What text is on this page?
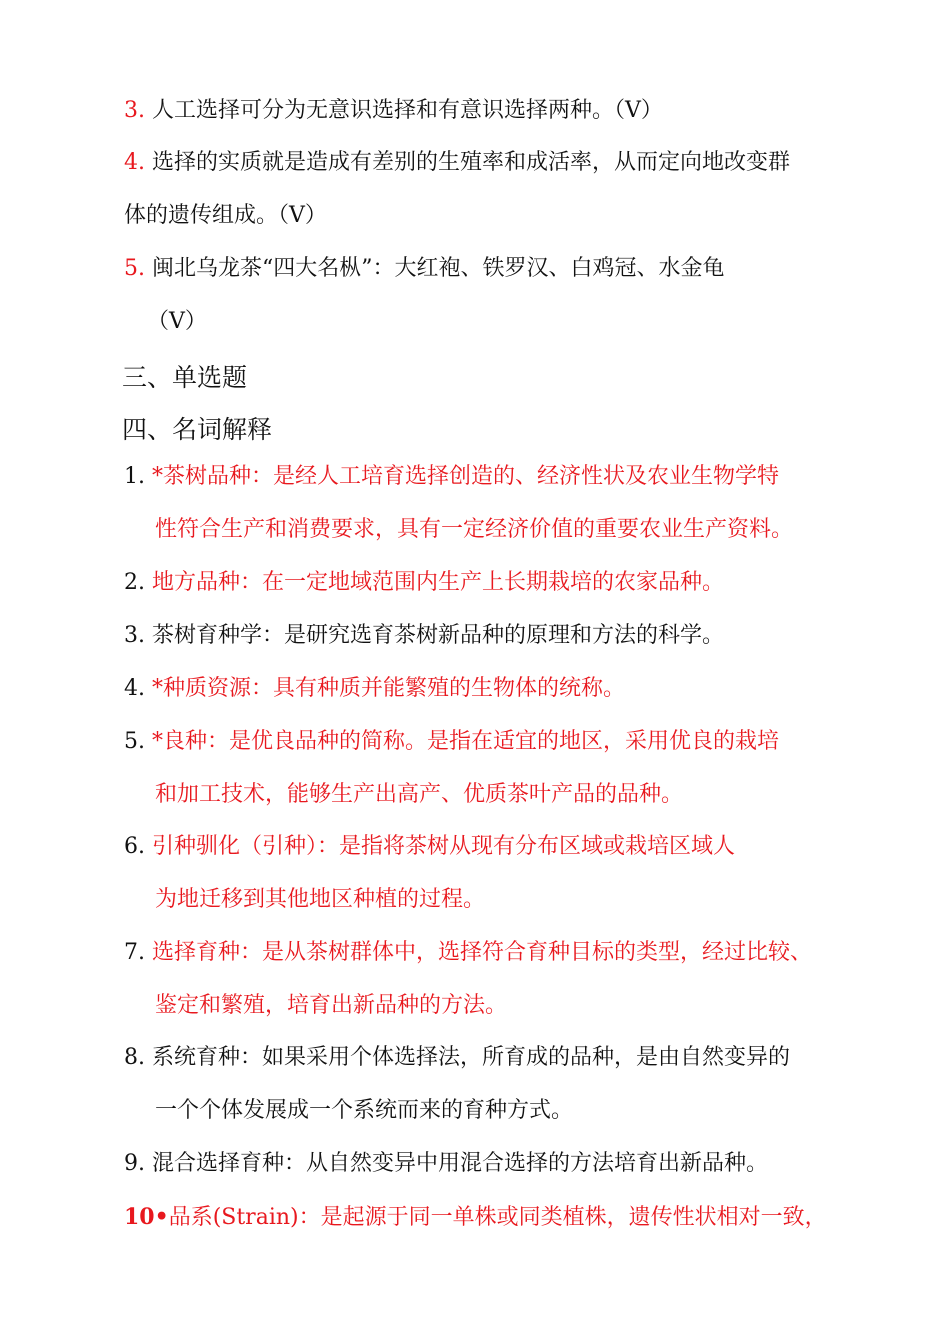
3. 人工选择可分为无意识选择和有意识选择两种。（V）
4. 选择的实质就是造成有差别的生殖率和成活率，从而定向地改变群
体的遗传组成。（V）
5. 闽北乌龙茶“四大名枞”：大红袍、铁罗汉、白鸡冠、水金龟
（V）
三、单选题
四、名词解释
1. *茶树品种：是经人工培育选择创造的、经济性状及农业生物学特
性符合生产和消费要求，具有一定经济价值的重要农业生产资料。
2. 地方品种：在一定地域范围内生产上长期栽培的农家品种。
3. 茶树育种学：是研究选育茶树新品种的原理和方法的科学。
4. *种质资源：具有种质并能繁殖的生物体的统称。
5. *良种：是优良品种的简称。是指在适宜的地区，采用优良的栽培
和加工技术，能够生产出高产、优质茶叶产品的品种。
6. 引种驯化（引种）：是指将茶树从现有分布区域或栽培区域人
为地迁移到其他地区种植的过程。
7. 选择育种：是从茶树群体中，选择符合育种目标的类型，经过比较、
鉴定和繁殖，培育出新品种的方法。
8. 系统育种：如果采用个体选择法，所育成的品种，是由自然变异的
一个个体发展成一个系统而来的育种方式。
9. 混合选择育种：从自然变异中用混合选择的方法培育出新品种。
10•品系(Strain)：是起源于同一单株或同类植株，遗传性状相对一致，
